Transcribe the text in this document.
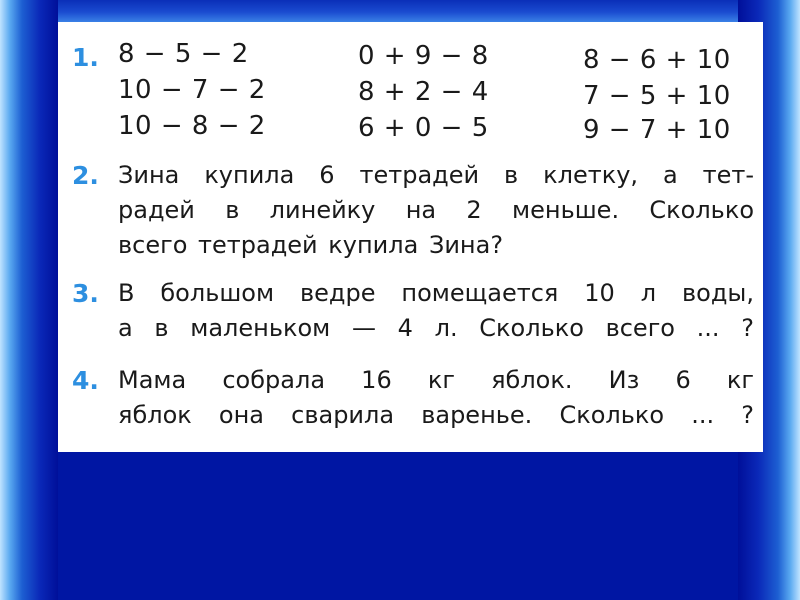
1. 8 − 5 − 2
10 − 7 − 2
10 − 8 − 2
0 + 9 − 8
8 + 2 − 4
6 + 0 − 5
8 − 6 + 10
7 − 5 + 10
9 − 7 + 10
2. Зина купила 6 тетрадей в клетку, а тет-
радей в линейку на 2 меньше. Сколько
всего тетрадей купила Зина?
3. В большом ведре помещается 10 л воды,
а в маленьком — 4 л. Сколько всего ... ?
4. Мама собрала 16 кг яблок. Из 6 кг
яблок она сварила варенье. Сколько ... ?
